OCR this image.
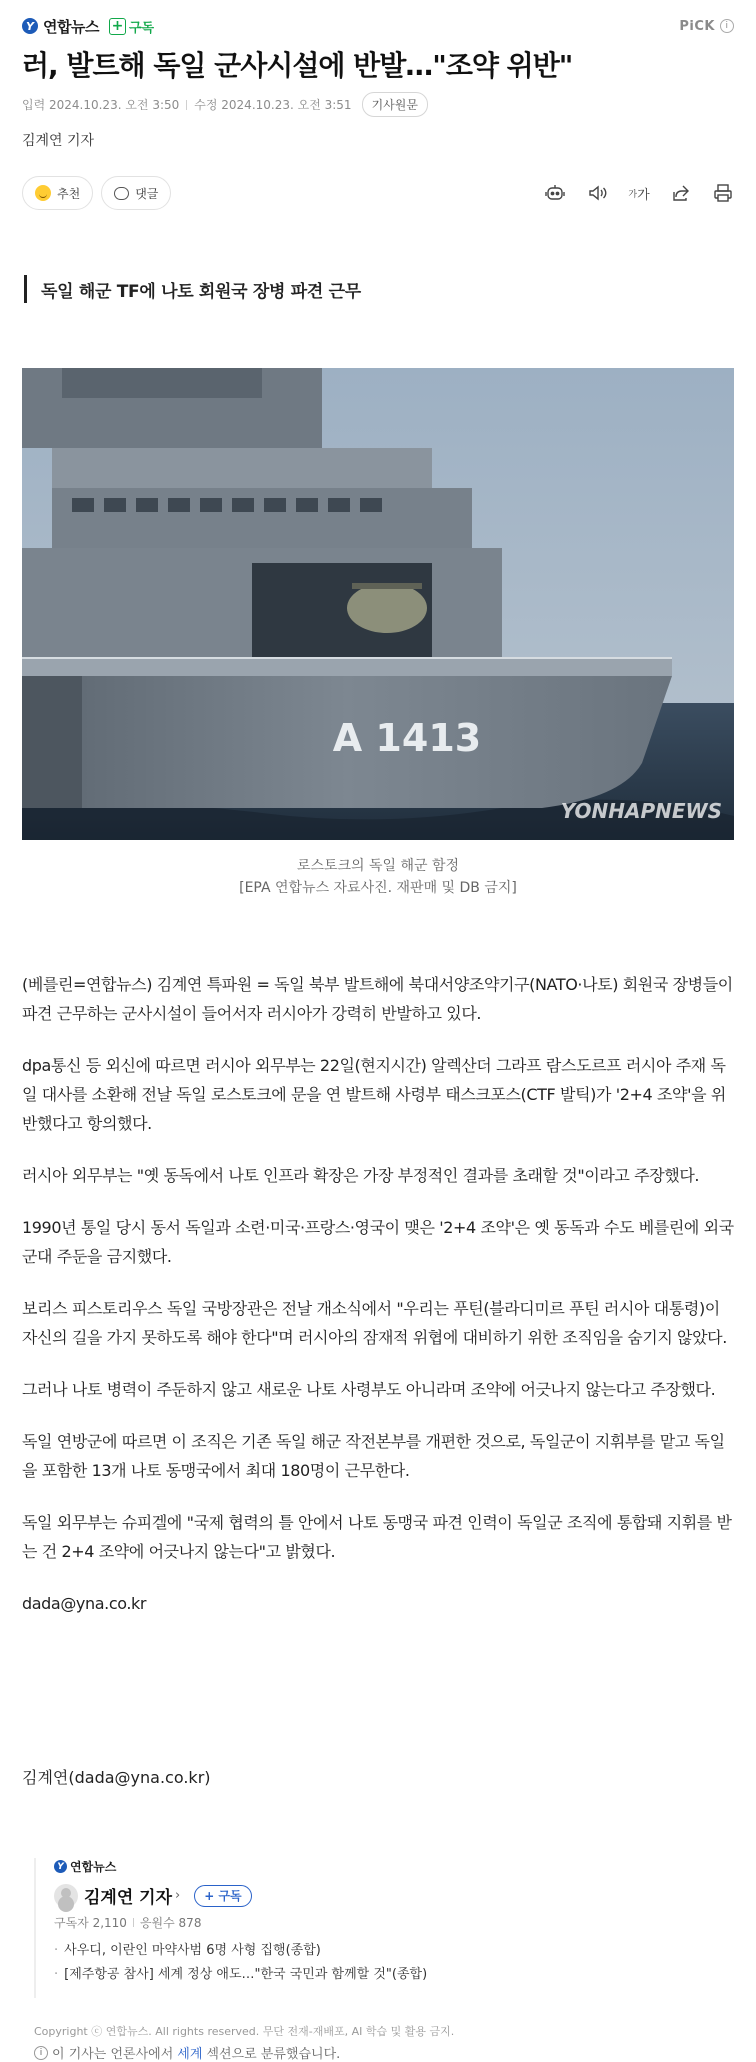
Y 연합뉴스 + 구독	PiCK	i
러, 발트해 독일 군사시설에 반발…"조약 위반"
입력 2024.10.23. 오전 3:50 수정 2024.10.23. 오전 3:51	기사원문
김계연 기자
추천	댓글	가 가
독일 해군 TF에 나토 회원국 장병 파견 근무
A 1413
YONHAPNEWS
로스토크의 독일 해군 함정
[EPA 연합뉴스 자료사진. 재판매 및 DB 금지]

(베를린=연합뉴스) 김계연 특파원 = 독일 북부 발트해에 북대서양조약기구(NATO·나토) 회원국 장병들이 파견 근무하는 군사시설이 들어서자 러시아가 강력히 반발하고 있다.

dpa통신 등 외신에 따르면 러시아 외무부는 22일(현지시간) 알렉산더 그라프 람스도르프 러시아 주재 독일 대사를 소환해 전날 독일 로스토크에 문을 연 발트해 사령부 태스크포스(CTF 발틱)가 '2+4 조약'을 위반했다고 항의했다.

러시아 외무부는 "옛 동독에서 나토 인프라 확장은 가장 부정적인 결과를 초래할 것"이라고 주장했다.

1990년 통일 당시 동서 독일과 소련·미국·프랑스·영국이 맺은 '2+4 조약'은 옛 동독과 수도 베를린에 외국 군대 주둔을 금지했다.

보리스 피스토리우스 독일 국방장관은 전날 개소식에서 "우리는 푸틴(블라디미르 푸틴 러시아 대통령)이 자신의 길을 가지 못하도록 해야 한다"며 러시아의 잠재적 위협에 대비하기 위한 조직임을 숨기지 않았다.

그러나 나토 병력이 주둔하지 않고 새로운 나토 사령부도 아니라며 조약에 어긋나지 않는다고 주장했다.

독일 연방군에 따르면 이 조직은 기존 독일 해군 작전본부를 개편한 것으로, 독일군이 지휘부를 맡고 독일을 포함한 13개 나토 동맹국에서 최대 180명이 근무한다.

독일 외무부는 슈피겔에 "국제 협력의 틀 안에서 나토 동맹국 파견 인력이 독일군 조직에 통합돼 지휘를 받는 건 2+4 조약에 어긋나지 않는다"고 밝혔다.

dada@yna.co.kr

김계연(dada@yna.co.kr)
Y 연합뉴스
김계연 기자 ›	+ 구독
구독자 2,110 응원수 878
· 사우디, 이란인 마약사범 6명 사형 집행(종합)
· [제주항공 참사] 세계 정상 애도…"한국 국민과 함께할 것"(종합)
Copyright ⓒ 연합뉴스. All rights reserved. 무단 전재-재배포, AI 학습 및 활용 금지.
i 이 기사는 언론사에서 세계 섹션으로 분류했습니다.
